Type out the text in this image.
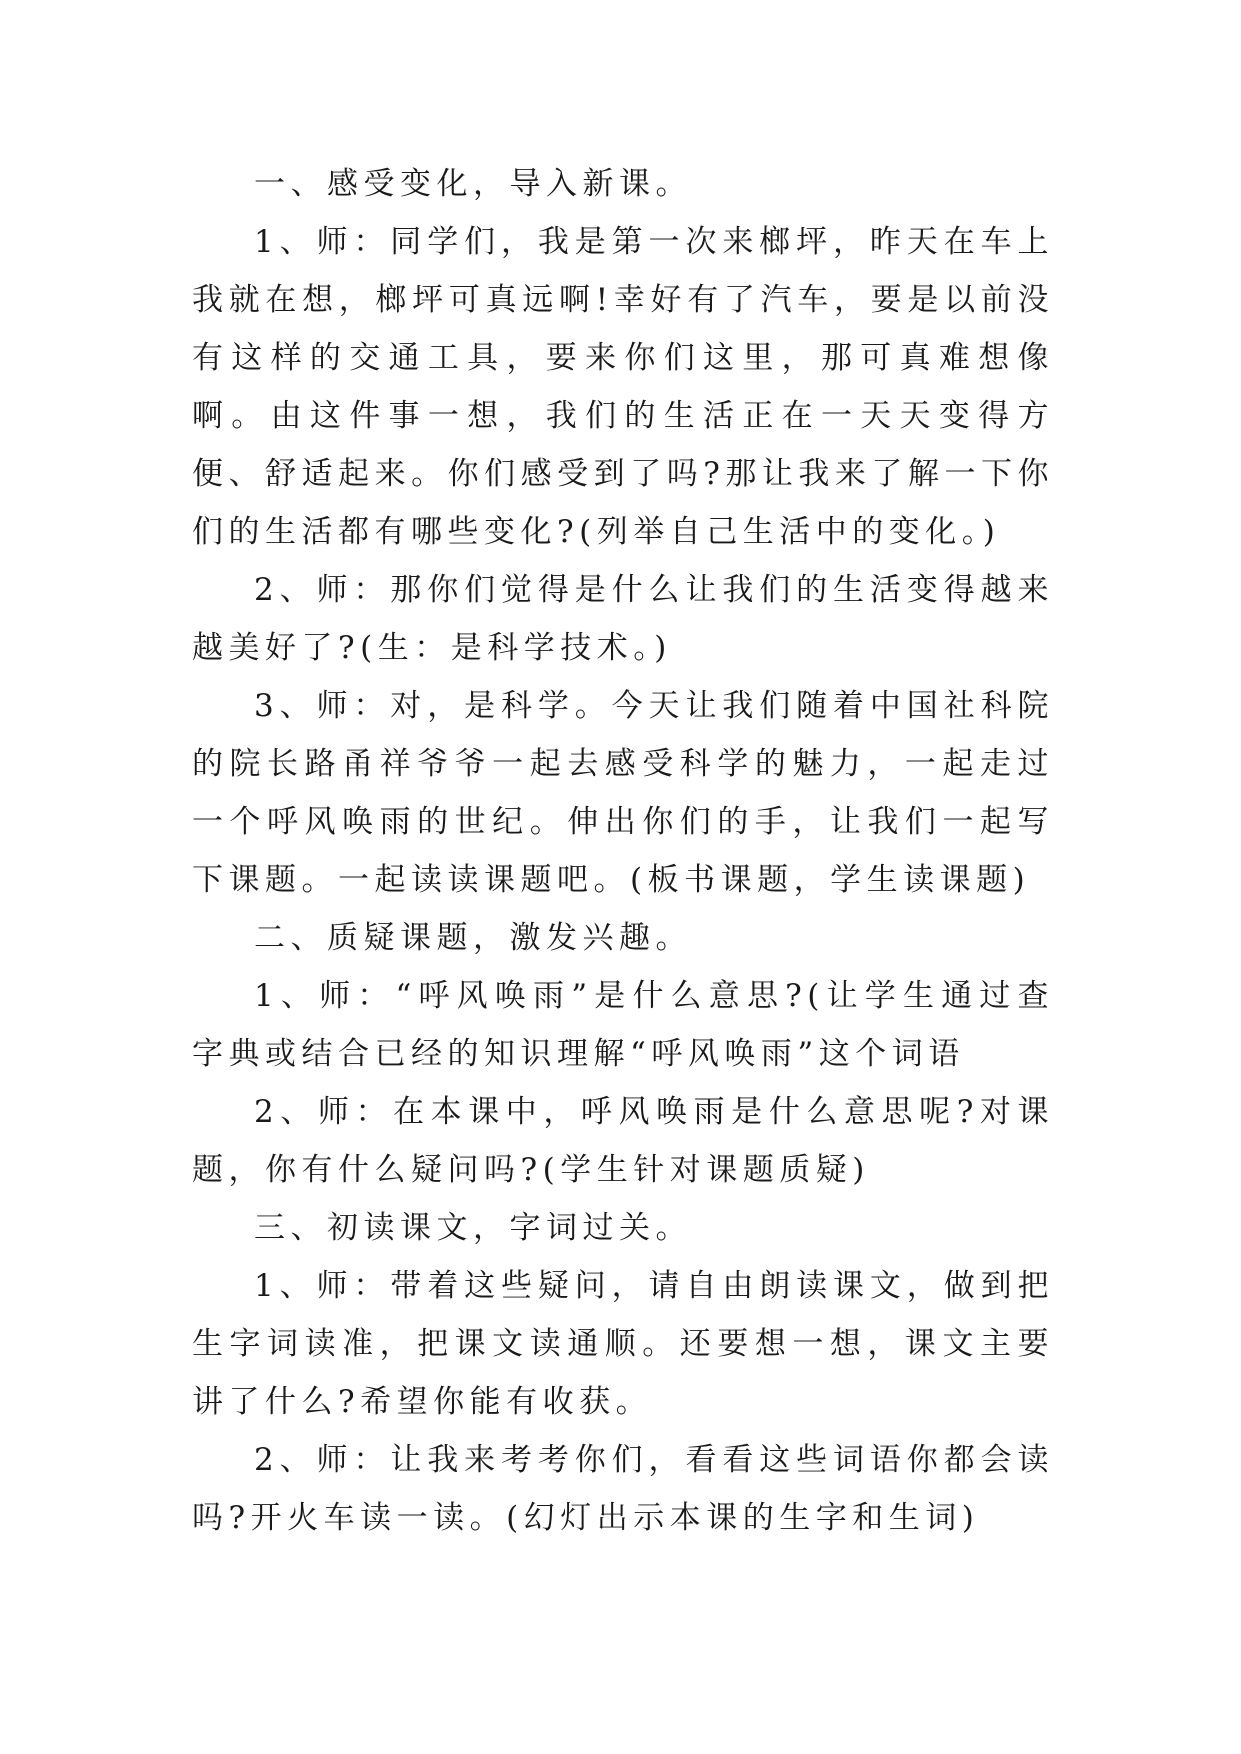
一、感受变化，导入新课。

1、师：同学们，我是第一次来榔坪，昨天在车上我就在想，榔坪可真远啊!幸好有了汽车，要是以前没有这样的交通工具，要来你们这里，那可真难想像啊。由这件事一想，我们的生活正在一天天变得方便、舒适起来。你们感受到了吗?那让我来了解一下你们的生活都有哪些变化?(列举自己生活中的变化。)

2、师：那你们觉得是什么让我们的生活变得越来越美好了?(生：是科学技术。)

3、师：对，是科学。今天让我们随着中国社科院的院长路甬祥爷爷一起去感受科学的魅力，一起走过一个呼风唤雨的世纪。伸出你们的手，让我们一起写下课题。一起读读课题吧。(板书课题，学生读课题)

二、质疑课题，激发兴趣。

1、师：“呼风唤雨”是什么意思?(让学生通过查字典或结合已经的知识理解“呼风唤雨”这个词语

2、师：在本课中，呼风唤雨是什么意思呢?对课题，你有什么疑问吗?(学生针对课题质疑)

三、初读课文，字词过关。

1、师：带着这些疑问，请自由朗读课文，做到把生字词读准，把课文读通顺。还要想一想，课文主要讲了什么?希望你能有收获。

2、师：让我来考考你们，看看这些词语你都会读吗?开火车读一读。(幻灯出示本课的生字和生词)
